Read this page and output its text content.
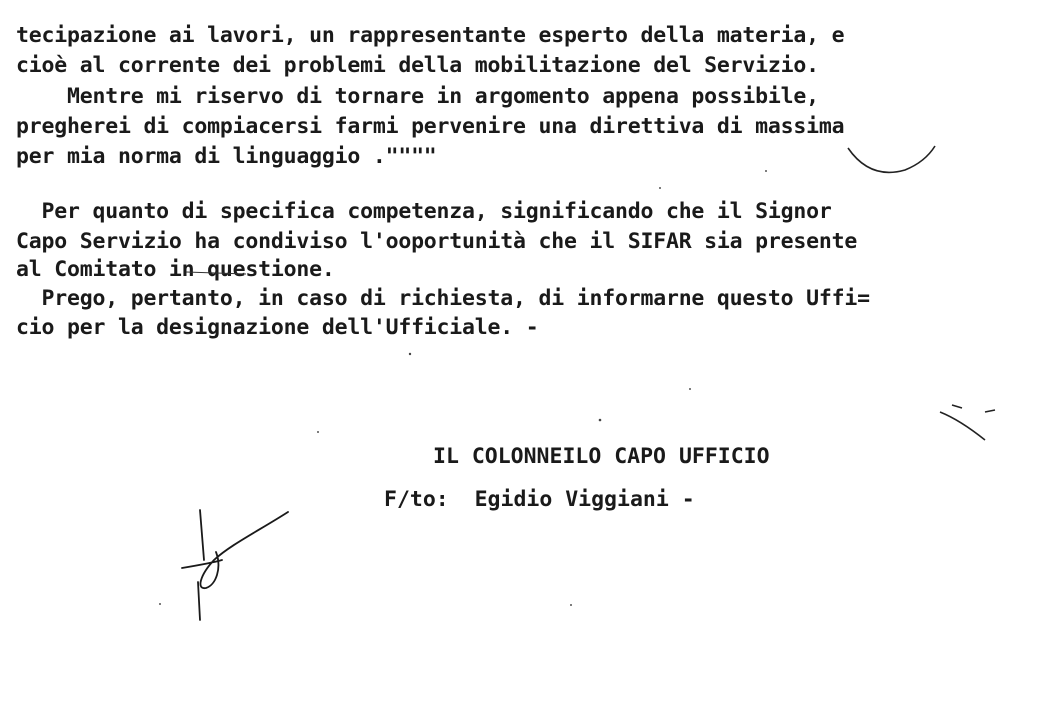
tecipazione ai lavori, un rappresentante esperto della materia, e
cioè al corrente dei problemi della mobilitazione del Servizio.
Mentre mi riservo di tornare in argomento appena possibile,
pregherei di compiacersi farmi pervenire una direttiva di massima
per mia norma di linguaggio .""""
Per quanto di specifica competenza, significando che il Signor
Capo Servizio ha condiviso l'ooportunità che il SIFAR sia presente
al Comitato in questione.
Prego, pertanto, in caso di richiesta, di informarne questo Uffi=
cio per la designazione dell'Ufficiale. -
IL COLONNEILO CAPO UFFICIO
F/to:  Egidio Viggiani -
